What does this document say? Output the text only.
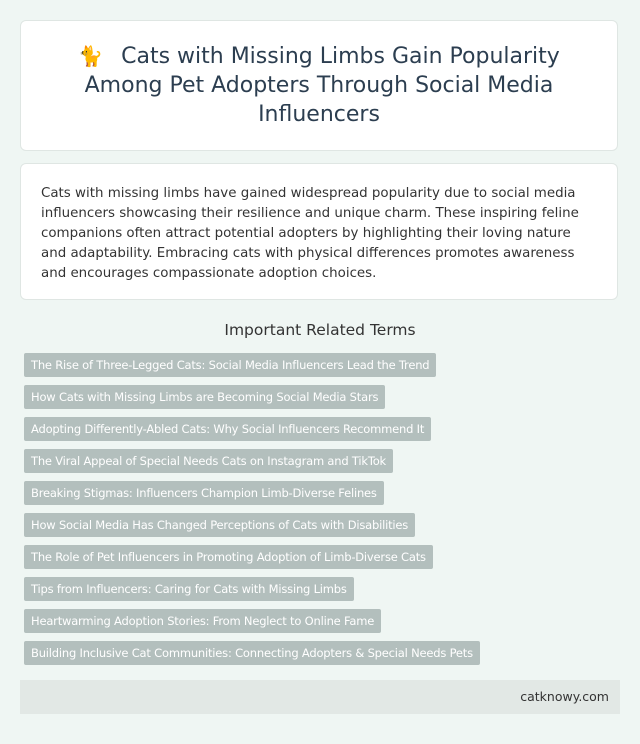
🐈 Cats with Missing Limbs Gain Popularity Among Pet Adopters Through Social Media Influencers

Cats with missing limbs have gained widespread popularity due to social media influencers showcasing their resilience and unique charm. These inspiring feline companions often attract potential adopters by highlighting their loving nature and adaptability. Embracing cats with physical differences promotes awareness and encourages compassionate adoption choices.

Important Related Terms
The Rise of Three-Legged Cats: Social Media Influencers Lead the Trend
How Cats with Missing Limbs are Becoming Social Media Stars
Adopting Differently-Abled Cats: Why Social Influencers Recommend It
The Viral Appeal of Special Needs Cats on Instagram and TikTok
Breaking Stigmas: Influencers Champion Limb-Diverse Felines
How Social Media Has Changed Perceptions of Cats with Disabilities
The Role of Pet Influencers in Promoting Adoption of Limb-Diverse Cats
Tips from Influencers: Caring for Cats with Missing Limbs
Heartwarming Adoption Stories: From Neglect to Online Fame
Building Inclusive Cat Communities: Connecting Adopters & Special Needs Pets
catknowy.com
